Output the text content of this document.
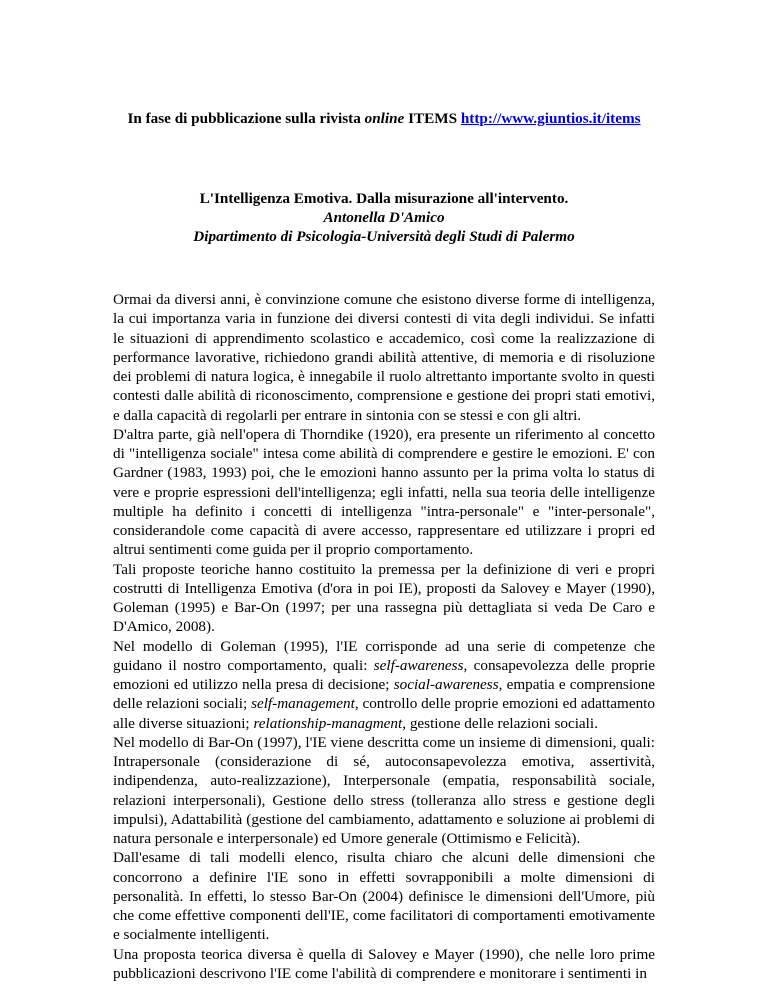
In fase di pubblicazione sulla rivista online ITEMS http://www.giuntios.it/items
L'Intelligenza Emotiva. Dalla misurazione all'intervento.
Antonella D'Amico
Dipartimento di Psicologia-Università degli Studi di Palermo

Ormai da diversi anni, è convinzione comune che esistono diverse forme di intelligenza, la cui importanza varia in funzione dei diversi contesti di vita degli individui. Se infatti le situazioni di apprendimento scolastico e accademico, così come la realizzazione di performance lavorative, richiedono grandi abilità attentive, di memoria e di risoluzione dei problemi di natura logica, è innegabile il ruolo altrettanto importante svolto in questi contesti dalle abilità di riconoscimento, comprensione e gestione dei propri stati emotivi, e dalla capacità di regolarli per entrare in sintonia con se stessi e con gli altri.

D'altra parte, già nell'opera di Thorndike (1920), era presente un riferimento al concetto di "intelligenza sociale" intesa come abilità di comprendere e gestire le emozioni. E' con Gardner (1983, 1993) poi, che le emozioni hanno assunto per la prima volta lo status di vere e proprie espressioni dell'intelligenza; egli infatti, nella sua teoria delle intelligenze multiple ha definito i concetti di intelligenza "intra-personale" e "inter-personale", considerandole come capacità di avere accesso, rappresentare ed utilizzare i propri ed altrui sentimenti come guida per il proprio comportamento.

Tali proposte teoriche hanno costituito la premessa per la definizione di veri e propri costrutti di Intelligenza Emotiva (d'ora in poi IE), proposti da Salovey e Mayer (1990), Goleman (1995) e Bar-On (1997; per una rassegna più dettagliata si veda De Caro e D'Amico, 2008).

Nel modello di Goleman (1995), l'IE corrisponde ad una serie di competenze che guidano il nostro comportamento, quali: self-awareness, consapevolezza delle proprie emozioni ed utilizzo nella presa di decisione; social-awareness, empatia e comprensione delle relazioni sociali; self-management, controllo delle proprie emozioni ed adattamento alle diverse situazioni; relationship-managment, gestione delle relazioni sociali.

Nel modello di Bar-On (1997), l'IE viene descritta come un insieme di dimensioni, quali: Intrapersonale (considerazione di sé, autoconsapevolezza emotiva, assertività, indipendenza, auto-realizzazione), Interpersonale (empatia, responsabilità sociale, relazioni interpersonali), Gestione dello stress (tolleranza allo stress e gestione degli impulsi), Adattabilità (gestione del cambiamento, adattamento e soluzione ai problemi di natura personale e interpersonale) ed Umore generale (Ottimismo e Felicità).

Dall'esame di tali modelli elenco, risulta chiaro che alcuni delle dimensioni che concorrono a definire l'IE sono in effetti sovrapponibili a molte dimensioni di personalità. In effetti, lo stesso Bar-On (2004) definisce le dimensioni dell'Umore, più che come effettive componenti dell'IE, come facilitatori di comportamenti emotivamente e socialmente intelligenti.

Una proposta teorica diversa è quella di Salovey e Mayer (1990), che nelle loro prime pubblicazioni descrivono l'IE come l'abilità di comprendere e monitorare i sentimenti in
